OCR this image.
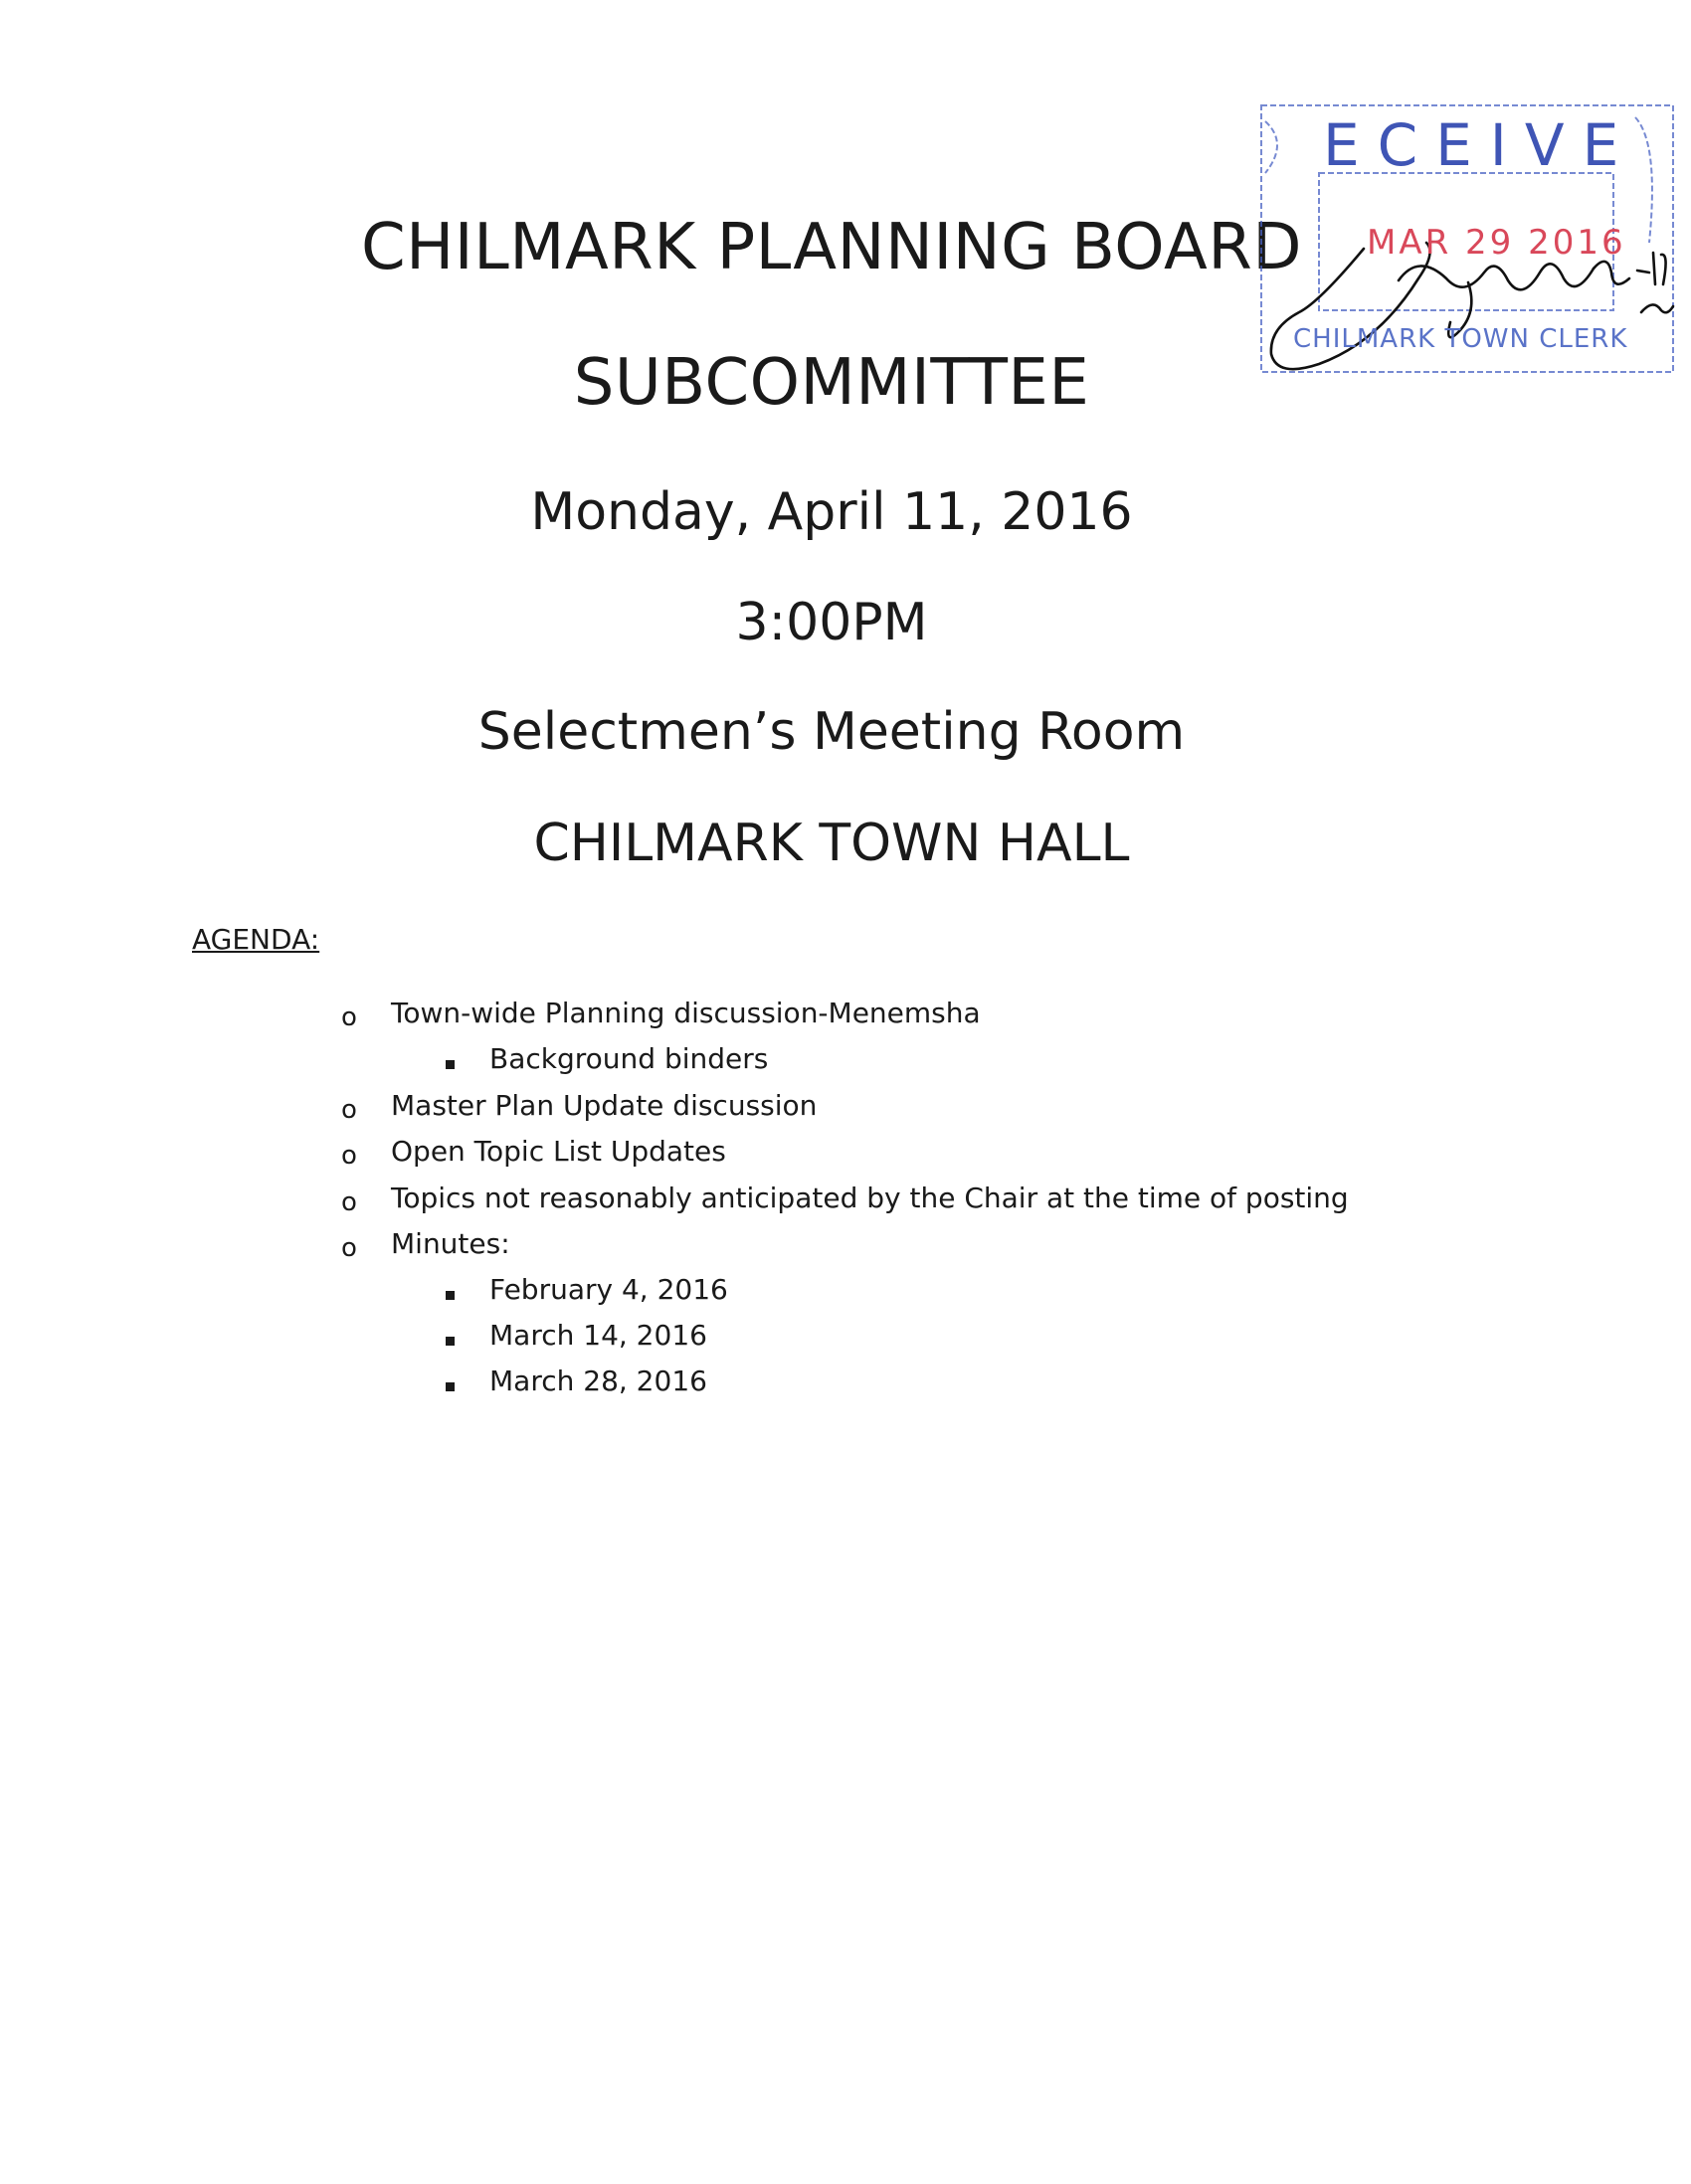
CHILMARK PLANNING BOARD
SUBCOMMITTEE
Monday, April 11, 2016
3:00PM
Selectmen’s Meeting Room
CHILMARK TOWN HALL
AGENDA:
o Town-wide Planning discussion-Menemsha
Background binders
o Master Plan Update discussion
o Open Topic List Updates
o Topics not reasonably anticipated by the Chair at the time of posting
o Minutes:
February 4, 2016
March 14, 2016
March 28, 2016
ECEIVE
MAR 29 2016
CHILMARK TOWN CLERK
